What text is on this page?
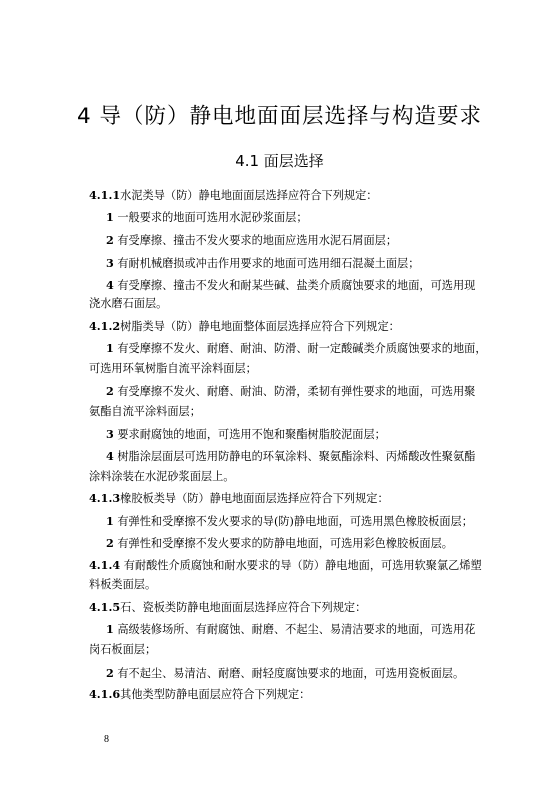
4 导（防）静电地面面层选择与构造要求
4.1 面层选择
4.1.1水泥类导（防）静电地面面层选择应符合下列规定：
1 一般要求的地面可选用水泥砂浆面层；
2 有受摩擦、撞击不发火要求的地面应选用水泥石屑面层；
3 有耐机械磨损或冲击作用要求的地面可选用细石混凝土面层；
4 有受摩擦、撞击不发火和耐某些碱、盐类介质腐蚀要求的地面，可选用现
浇水磨石面层。
4.1.2树脂类导（防）静电地面整体面层选择应符合下列规定：
1 有受摩擦不发火、耐磨、耐油、防滑、耐一定酸碱类介质腐蚀要求的地面，
可选用环氧树脂自流平涂料面层；
2 有受摩擦不发火、耐磨、耐油、防滑，柔韧有弹性要求的地面，可选用聚
氨酯自流平涂料面层；
3 要求耐腐蚀的地面，可选用不饱和聚酯树脂胶泥面层；
4 树脂涂层面层可选用防静电的环氧涂料、聚氨酯涂料、丙烯酸改性聚氨酯
涂料涂装在水泥砂浆面层上。
4.1.3橡胶板类导（防）静电地面面层选择应符合下列规定：
1 有弹性和受摩擦不发火要求的导(防)静电地面，可选用黑色橡胶板面层；
2 有弹性和受摩擦不发火要求的防静电地面，可选用彩色橡胶板面层。
4.1.4 有耐酸性介质腐蚀和耐水要求的导（防）静电地面，可选用软聚氯乙烯塑
料板类面层。
4.1.5石、瓷板类防静电地面面层选择应符合下列规定：
1 高级装修场所、有耐腐蚀、耐磨、不起尘、易清洁要求的地面，可选用花
岗石板面层；
2 有不起尘、易清洁、耐磨、耐轻度腐蚀要求的地面，可选用瓷板面层。
4.1.6其他类型防静电面层应符合下列规定：
8
